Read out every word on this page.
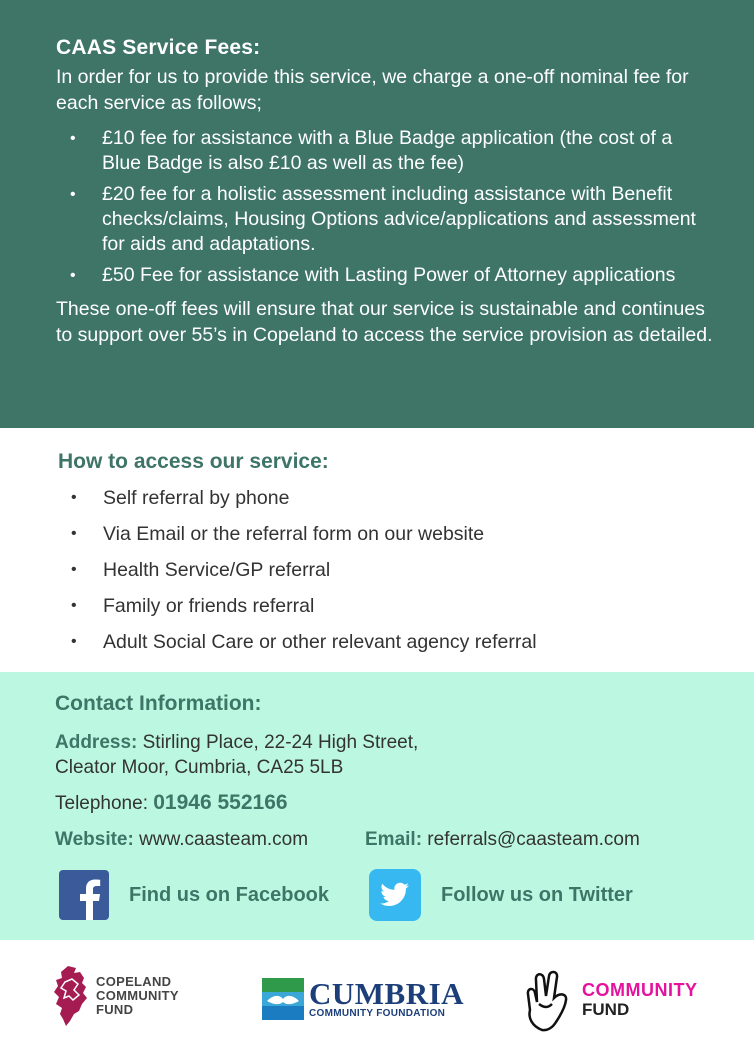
CAAS Service Fees:

In order for us to provide this service, we charge a one-off nominal fee for each service as follows;

• £10 fee for assistance with a Blue Badge application (the cost of a Blue Badge is also £10 as well as the fee)
• £20 fee for a holistic assessment including assistance with Benefit checks/claims, Housing Options advice/applications and assessment for aids and adaptations.
• £50 Fee for assistance with Lasting Power of Attorney applications

These one-off fees will ensure that our service is sustainable and continues to support over 55’s in Copeland to access the service provision as detailed.

How to access our service:
• Self referral by phone
• Via Email or the referral form on our website
• Health Service/GP referral
• Family or friends referral
• Adult Social Care or other relevant agency referral
Contact Information:
Address: Stirling Place, 22-24 High Street,
Cleator Moor, Cumbria, CA25 5LB
Telephone: 01946 552166
Website: www.caasteam.com	Email: referrals@caasteam.com
Find us on Facebook	Follow us on Twitter
COPELAND
COMMUNITY
FUND	CUMBRIA
COMMUNITY FOUNDATION
COMMUNITY
FUND
